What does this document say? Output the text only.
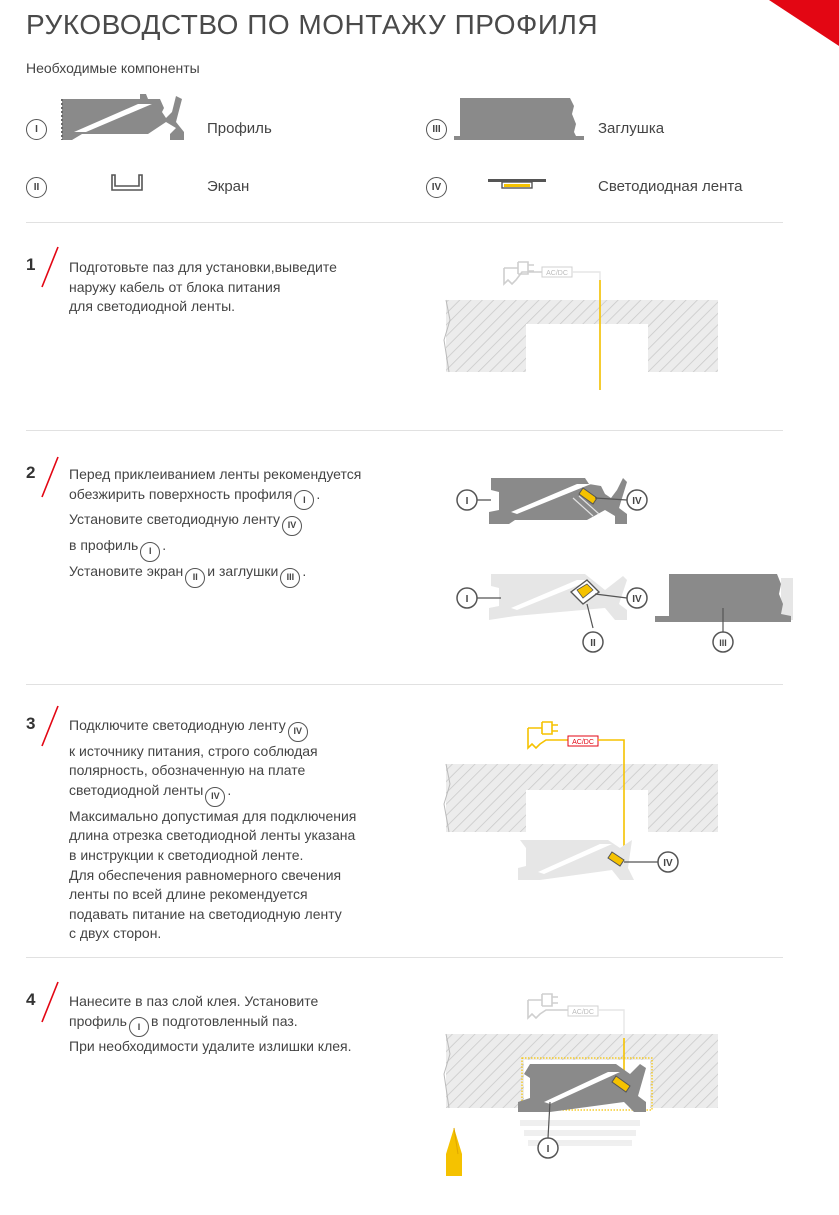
РУКОВОДСТВО ПО МОНТАЖУ ПРОФИЛЯ
Необходимые компоненты
I	Профиль
II	Экран
III	Заглушка
IV	Светодиодная лента
1 Подготовьте паз для установки,выведите
наружу кабель от блока питания
для светодиодной ленты.
AC/DC
2 Перед приклеиванием ленты рекомендуется
обезжирить поверхность профиля I .
Установите светодиодную ленту IV
в профиль I .
Установите экран II и заглушки III .
I	IV
I	IV
II	III
3 Подключите светодиодную ленту IV
к источнику питания, строго соблюдая
полярность, обозначенную на плате
светодиодной ленты IV .
Максимально допустимая для подключения
длина отрезка светодиодной ленты указана
в инструкции к светодиодной ленте.
Для обеспечения равномерного свечения
ленты по всей длине рекомендуется
подавать питание на светодиодную ленту
с двух сторон.
AC/DC
IV
4 Нанесите в паз слой клея. Установите
профиль I в подготовленный паз.
При необходимости удалите излишки клея.
AC/DC
I
